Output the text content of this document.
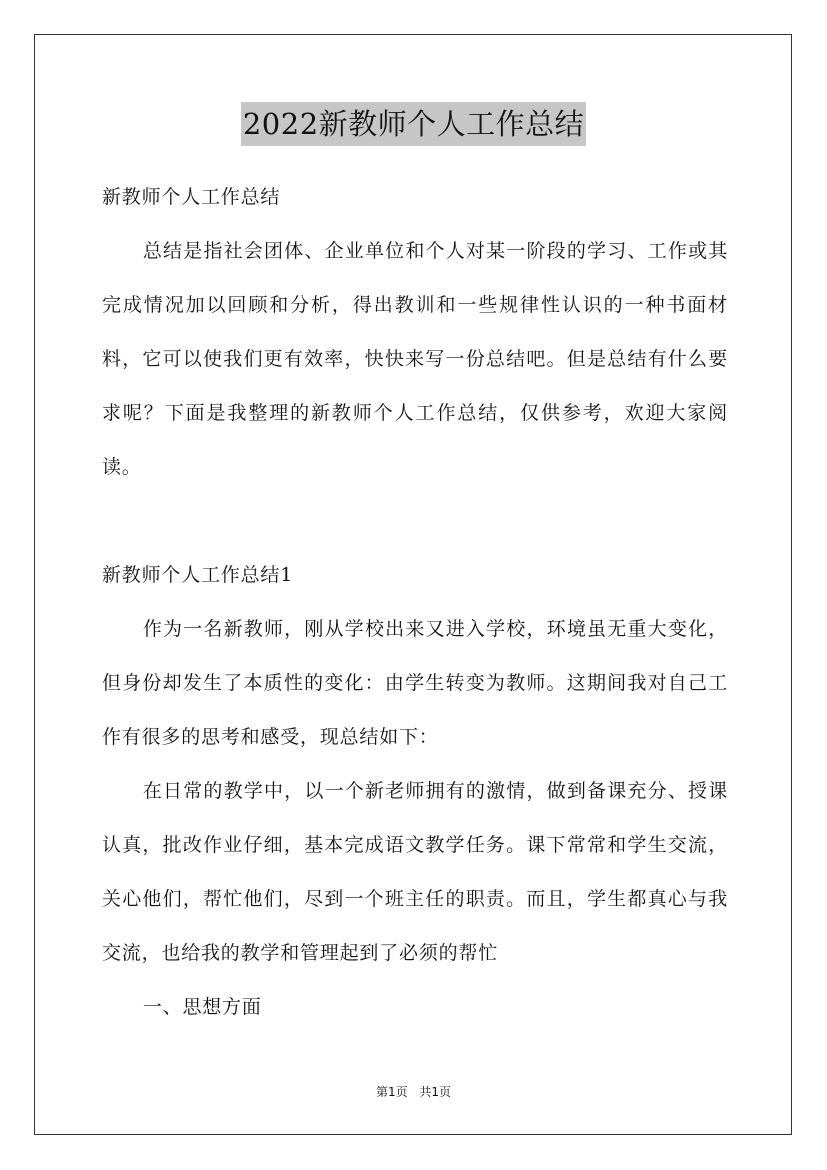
2022新教师个人工作总结

新教师个人工作总结

总结是指社会团体、企业单位和个人对某一阶段的学习、工作或其完成情况加以回顾和分析，得出教训和一些规律性认识的一种书面材料，它可以使我们更有效率，快快来写一份总结吧。但是总结有什么要求呢？下面是我整理的新教师个人工作总结，仅供参考，欢迎大家阅读。

新教师个人工作总结1

作为一名新教师，刚从学校出来又进入学校，环境虽无重大变化，但身份却发生了本质性的变化：由学生转变为教师。这期间我对自己工作有很多的思考和感受，现总结如下：

在日常的教学中，以一个新老师拥有的激情，做到备课充分、授课认真，批改作业仔细，基本完成语文教学任务。课下常常和学生交流，关心他们，帮忙他们，尽到一个班主任的职责。而且，学生都真心与我交流，也给我的教学和管理起到了必须的帮忙

一、思想方面

第1页 共1页
